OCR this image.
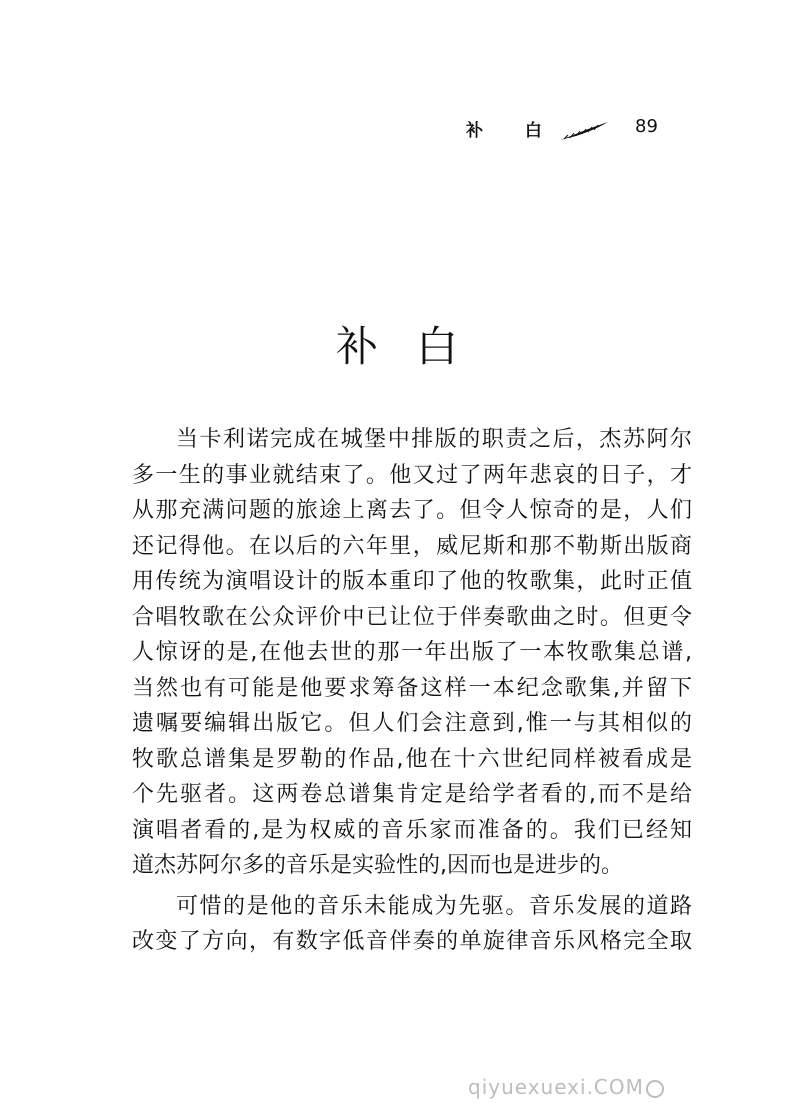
补 白	89
补 白
当卡利诺完成在城堡中排版的职责之后，杰苏阿尔
多一生的事业就结束了。他又过了两年悲哀的日子，才
从那充满问题的旅途上离去了。但令人惊奇的是，人们
还记得他。在以后的六年里，威尼斯和那不勒斯出版商
用传统为演唱设计的版本重印了他的牧歌集，此时正值
合唱牧歌在公众评价中已让位于伴奏歌曲之时。但更令
人惊讶的是,在他去世的那一年出版了一本牧歌集总谱,
当然也有可能是他要求筹备这样一本纪念歌集,并留下
遗嘱要编辑出版它。但人们会注意到,惟一与其相似的
牧歌总谱集是罗勒的作品,他在十六世纪同样被看成是
个先驱者。这两卷总谱集肯定是给学者看的,而不是给
演唱者看的,是为权威的音乐家而准备的。我们已经知
道杰苏阿尔多的音乐是实验性的,因而也是进步的。
可惜的是他的音乐未能成为先驱。音乐发展的道路
改变了方向，有数字低音伴奏的单旋律音乐风格完全取
qiyuexuexi.COM
